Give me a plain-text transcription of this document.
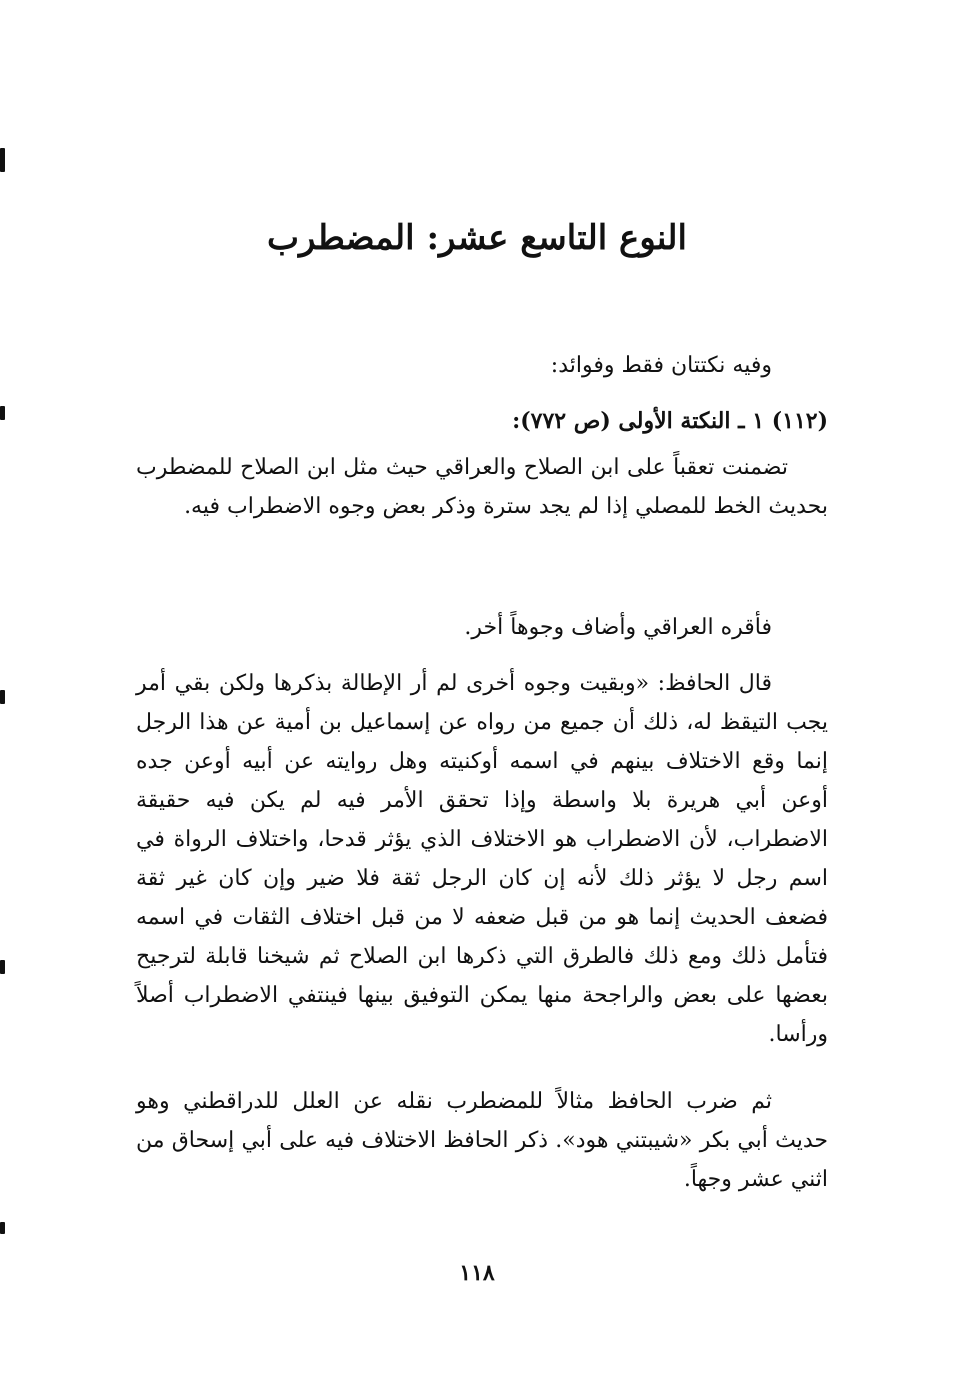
النوع التاسع عشر: المضطرب

وفيه نكتتان فقط وفوائد:

(١١٢) ١ ـ النكتة الأولى (ص ٧٧٢):

تضمنت تعقباً على ابن الصلاح والعراقي حيث مثل ابن الصلاح للمضطرب بحديث الخط للمصلي إذا لم يجد سترة وذكر بعض وجوه الاضطراب فيه.

فأقره العراقي وأضاف وجوهاً أخر.

قال الحافظ: «وبقيت وجوه أخرى لم أر الإطالة بذكرها ولكن بقي أمر يجب التيقظ له، ذلك أن جميع من رواه عن إسماعيل بن أمية عن هذا الرجل إنما وقع الاختلاف بينهم في اسمه أوكنيته وهل روايته عن أبيه أوعن جده أوعن أبي هريرة بلا واسطة وإذا تحقق الأمر فيه لم يكن فيه حقيقة الاضطراب، لأن الاضطراب هو الاختلاف الذي يؤثر قدحا، واختلاف الرواة في اسم رجل لا يؤثر ذلك لأنه إن كان الرجل ثقة فلا ضير وإن كان غير ثقة فضعف الحديث إنما هو من قبل ضعفه لا من قبل اختلاف الثقات في اسمه فتأمل ذلك ومع ذلك فالطرق التي ذكرها ابن الصلاح ثم شيخنا قابلة لترجيح بعضها على بعض والراجحة منها يمكن التوفيق بينها فينتفي الاضطراب أصلاً ورأسا.

ثم ضرب الحافظ مثالاً للمضطرب نقله عن العلل للدراقطني وهو حديث أبي بكر «شيبتني هود». ذكر الحافظ الاختلاف فيه على أبي إسحاق من اثني عشر وجهاً.

١١٨
